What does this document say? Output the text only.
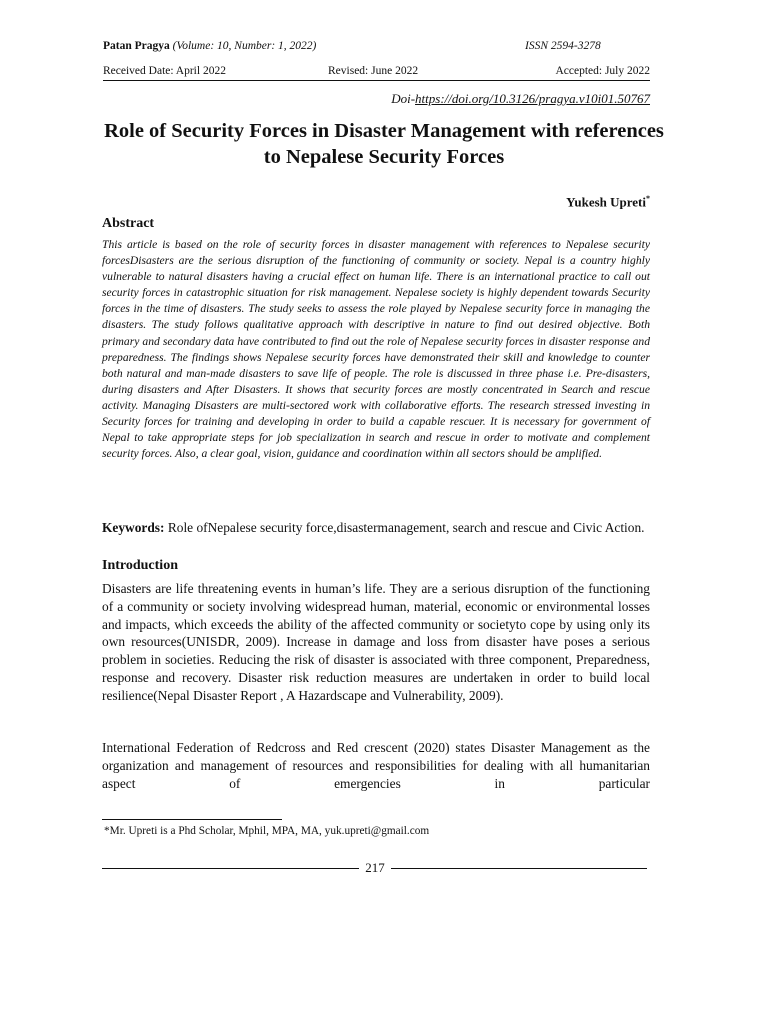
Patan Pragya (Volume: 10, Number: 1, 2022)	ISSN 2594-3278
Received Date: April 2022	Revised: June 2022	Accepted: July 2022
Doi-https://doi.org/10.3126/pragya.v10i01.50767
Role of Security Forces in Disaster Management with references to Nepalese Security Forces
Yukesh Upreti*
Abstract

This article is based on the role of security forces in disaster management with references to Nepalese security forcesDisasters are the serious disruption of the functioning of community or society. Nepal is a country highly vulnerable to natural disasters having a crucial effect on human life. There is an international practice to call out security forces in catastrophic situation for risk management. Nepalese society is highly dependent towards Security forces in the time of disasters. The study seeks to assess the role played by Nepalese security force in managing the disasters. The study follows qualitative approach with descriptive in nature to find out desired objective. Both primary and secondary data have contributed to find out the role of Nepalese security forces in disaster response and preparedness. The findings shows Nepalese security forces have demonstrated their skill and knowledge to counter both natural and man-made disasters to save life of people. The role is discussed in three phase i.e. Pre-disasters, during disasters and After Disasters. It shows that security forces are mostly concentrated in Search and rescue activity. Managing Disasters are multi-sectored work with collaborative efforts. The research stressed investing in Security forces for training and developing in order to build a capable rescuer. It is necessary for government of Nepal to take appropriate steps for job specialization in search and rescue in order to motivate and complement security forces. Also, a clear goal, vision, guidance and coordination within all sectors should be amplified.

Keywords: Role ofNepalese security force,disastermanagement, search and rescue and Civic Action.

Introduction

Disasters are life threatening events in human’s life. They are a serious disruption of the functioning of a community or society involving widespread human, material, economic or environmental losses and impacts, which exceeds the ability of the affected community or societyto cope by using only its own resources(UNISDR, 2009). Increase in damage and loss from disaster have poses a serious problem in societies. Reducing the risk of disaster is associated with three component, Preparedness, response and recovery. Disaster risk reduction measures are undertaken in order to build local resilience(Nepal Disaster Report , A Hazardscape and Vulnerability, 2009).

International Federation of Redcross and Red crescent (2020) states Disaster Management as the organization and management of resources and responsibilities for dealing with all humanitarian aspect of emergencies in particular

*Mr. Upreti is a Phd Scholar, Mphil, MPA, MA, yuk.upreti@gmail.com
217
